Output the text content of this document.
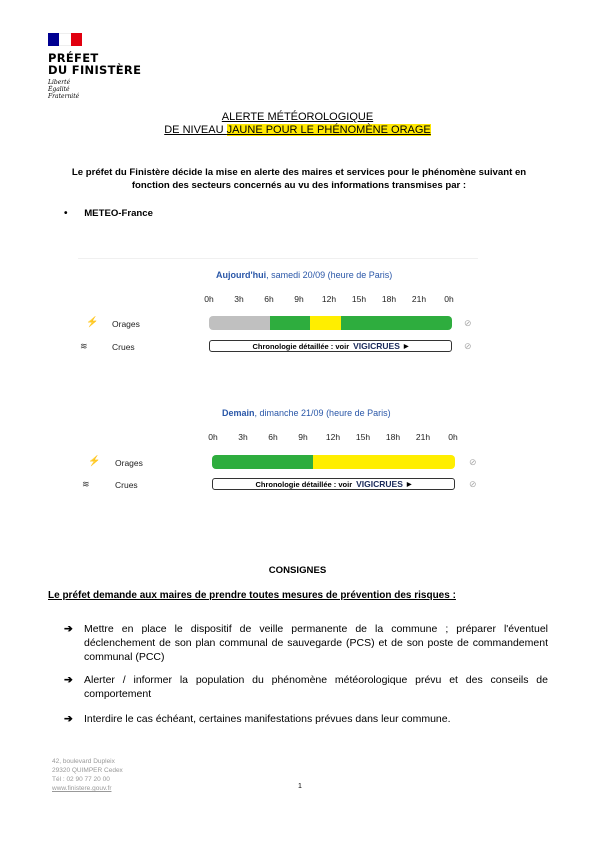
PRÉFET
DU FINISTÈRE
Liberté
Égalité
Fraternité
ALERTE MÉTÉOROLOGIQUE
DE NIVEAU JAUNE POUR LE PHÉNOMÈNE ORAGE
Le préfet du Finistère décide la mise en alerte des maires et services pour le phénomène suivant en fonction des secteurs concernés au vu des informations transmises par :
• METEO-France
Aujourd'hui, samedi 20/09 (heure de Paris)
0h	3h	6h	9h	12h	15h	18h	21h	0h
⚡ Orages	⊘
≋	Crues	Chronologie détaillée : voir VIGICRUES ▶	⊘
Demain, dimanche 21/09 (heure de Paris)
0h	3h	6h	9h	12h	15h	18h	21h	0h
⚡ Orages	⊘
≋	Crues	Chronologie détaillée : voir VIGICRUES ▶	⊘
CONSIGNES
Le préfet demande aux maires de prendre toutes mesures de prévention des risques :
➔	Mettre en place le dispositif de veille permanente de la commune ; préparer l'éventuel déclenchement de son plan communal de sauvegarde (PCS) et de son poste de commandement communal (PCC)
➔	Alerter / informer la population du phénomène météorologique prévu et des conseils de comportement
➔	Interdire le cas échéant, certaines manifestations prévues dans leur commune.
42, boulevard Dupleix
29320 QUIMPER Cedex
Tél : 02 90 77 20 00
www.finistere.gouv.fr	1
